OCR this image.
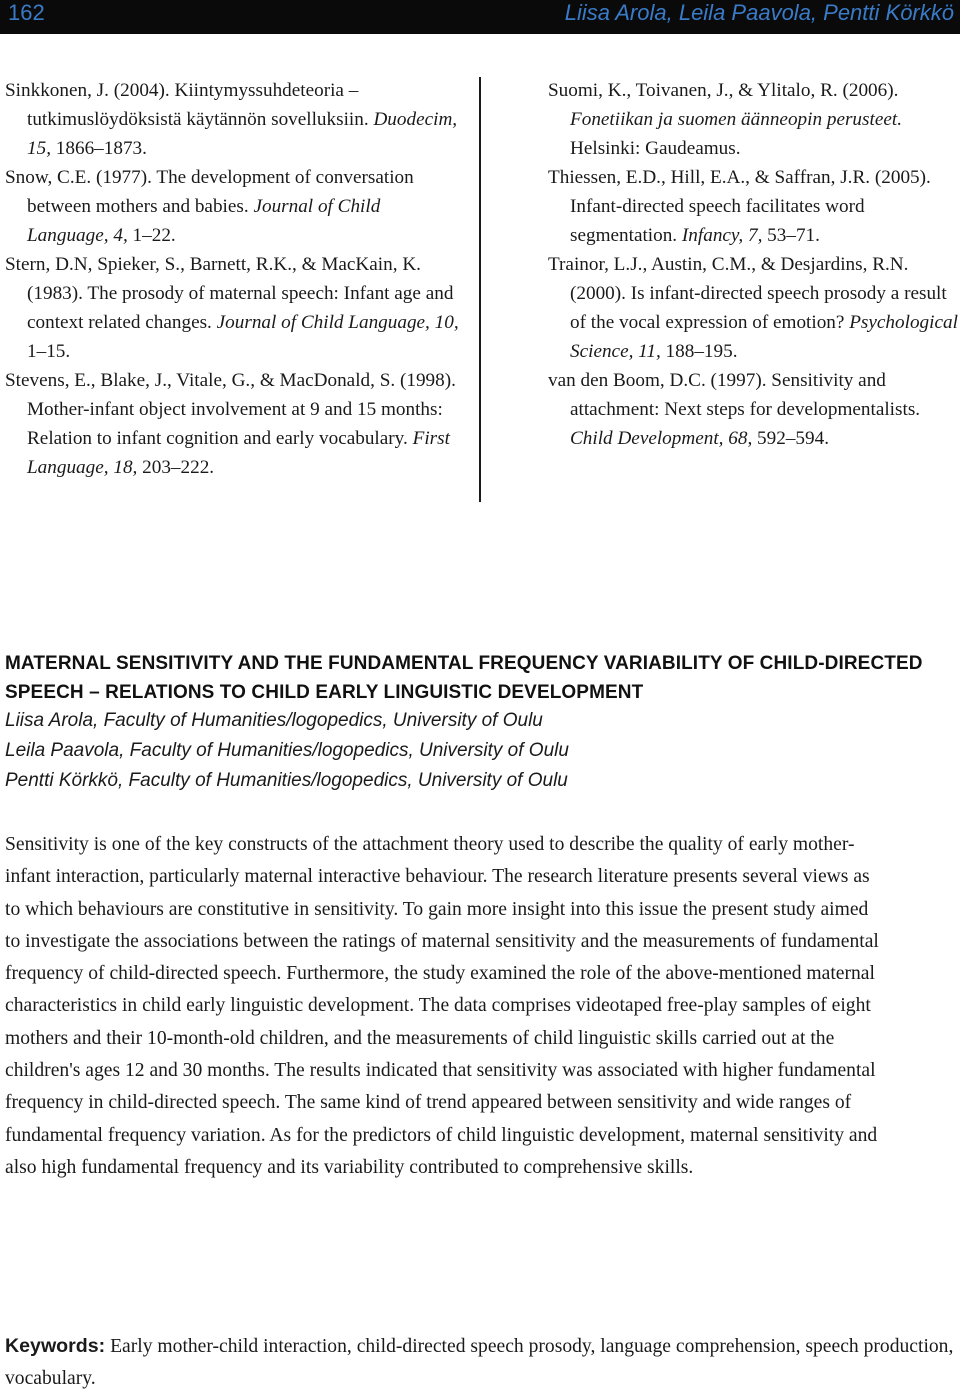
162	Liisa Arola, Leila Paavola, Pentti Körkkö

Sinkkonen, J. (2004). Kiintymyssuhdeteoria – tutkimuslöydöksistä käytännön sovelluksiin. Duodecim, 15, 1866–1873.

Snow, C.E. (1977). The development of conversation between mothers and babies. Journal of Child Language, 4, 1–22.

Stern, D.N, Spieker, S., Barnett, R.K., & MacKain, K. (1983). The prosody of maternal speech: Infant age and context related changes. Journal of Child Language, 10, 1–15.

Stevens, E., Blake, J., Vitale, G., & MacDonald, S. (1998). Mother-infant object involvement at 9 and 15 months: Relation to infant cognition and early vocabulary. First Language, 18, 203–222.

Suomi, K., Toivanen, J., & Ylitalo, R. (2006). Fonetiikan ja suomen äänneopin perusteet. Helsinki: Gaudeamus.

Thiessen, E.D., Hill, E.A., & Saffran, J.R. (2005). Infant-directed speech facilitates word segmentation. Infancy, 7, 53–71.

Trainor, L.J., Austin, C.M., & Desjardins, R.N. (2000). Is infant-directed speech prosody a result of the vocal expression of emotion? Psychological Science, 11, 188–195.

van den Boom, D.C. (1997). Sensitivity and attachment: Next steps for developmentalists. Child Development, 68, 592–594.

MATERNAL SENSITIVITY AND THE FUNDAMENTAL FREQUENCY VARIABILITY OF CHILD-DIRECTED SPEECH – RELATIONS TO CHILD EARLY LINGUISTIC DEVELOPMENT
Liisa Arola, Faculty of Humanities/logopedics, University of Oulu
Leila Paavola, Faculty of Humanities/logopedics, University of Oulu
Pentti Körkkö, Faculty of Humanities/logopedics, University of Oulu

Sensitivity is one of the key constructs of the attachment theory used to describe the quality of early mother-infant interaction, particularly maternal interactive behaviour. The research literature presents several views as to which behaviours are constitutive in sensitivity. To gain more insight into this issue the present study aimed to investigate the associations between the ratings of maternal sensitivity and the measurements of fundamental frequency of child-directed speech. Furthermore, the study examined the role of the above-mentioned maternal characteristics in child early linguistic development. The data comprises videotaped free-play samples of eight mothers and their 10-month-old children, and the measurements of child linguistic skills carried out at the children's ages 12 and 30 months. The results indicated that sensitivity was associated with higher fundamental frequency in child-directed speech. The same kind of trend appeared between sensitivity and wide ranges of fundamental frequency variation. As for the predictors of child linguistic development, maternal sensitivity and also high fundamental frequency and its variability contributed to comprehensive skills.

Keywords: Early mother-child interaction, child-directed speech prosody, language comprehension, speech production, vocabulary.
